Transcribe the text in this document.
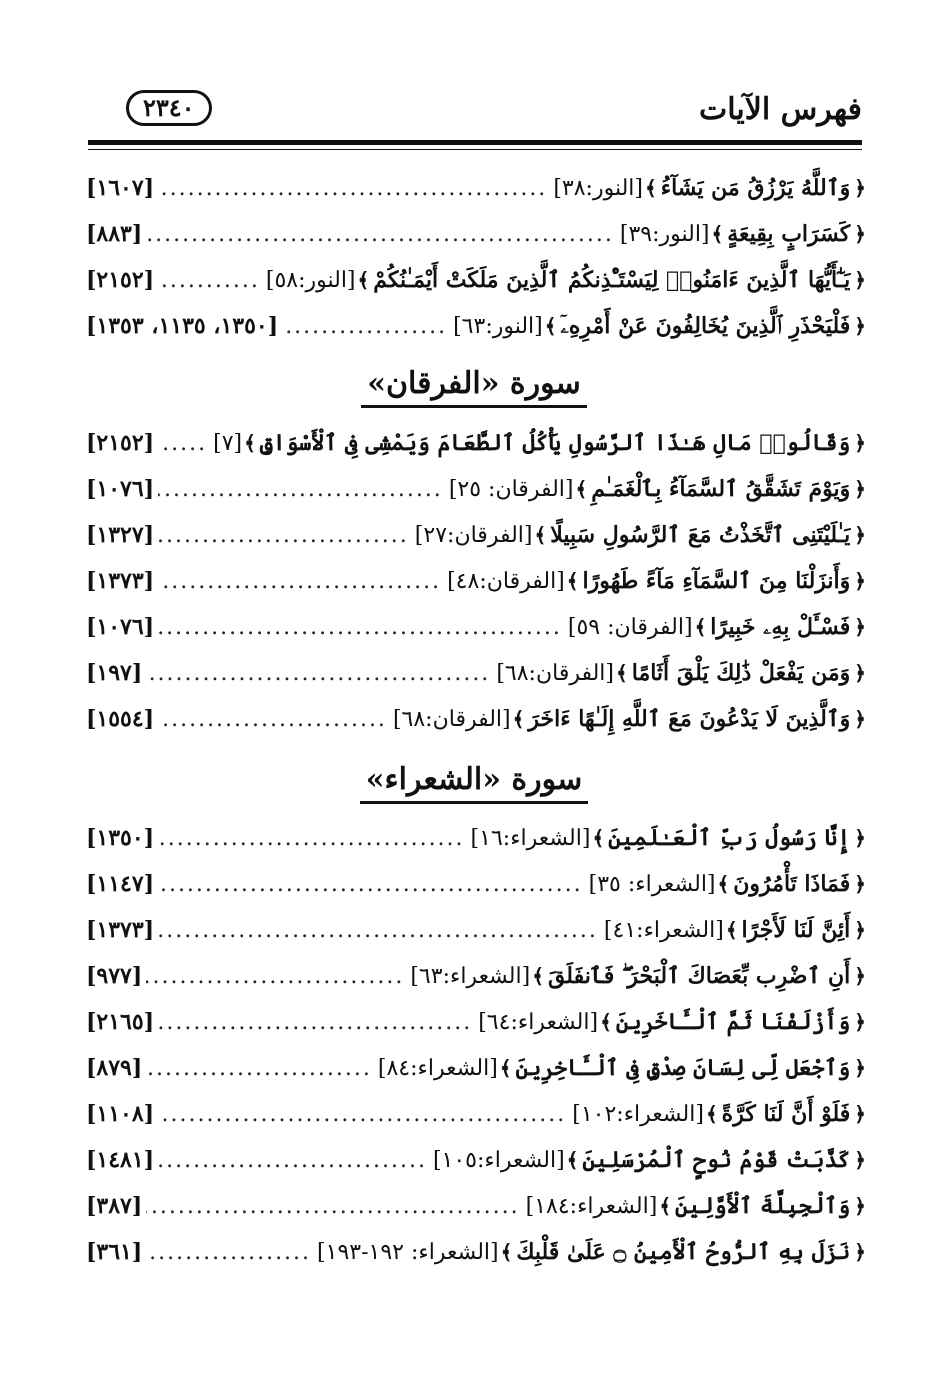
فهرس الآيات
٢٣٤٠
﴿
وَٱللَّهُ يَرْزُقُ مَن يَشَآءُ
﴾
[النور:٣٨]
.....
[١٦٠٧]
﴿
كَسَرَابٍ بِقِيعَةٍ
﴾
[النور:٣٩]
.....
[٨٨٣]
﴿
يَـٰٓأَيُّهَا ٱلَّذِينَ ءَامَنُوا۟ لِيَسْتَـْٔذِنكُمُ ٱلَّذِينَ مَلَكَتْ أَيْمَـٰنُكُمْ
﴾
[النور:٥٨]
.....
[٢١٥٢]
﴿
فَلْيَحْذَرِ ٱلَّذِينَ يُخَالِفُونَ عَنْ أَمْرِهِۦٓ
﴾
[النور:٦٣]
.....
[١٣٥٠، ١١٣٥، ١٣٥٣]
سورة «الفرقان»
﴿
وَقَالُوا۟ مَالِ هَـٰذَا ٱلرَّسُولِ يَأْكُلُ ٱلطَّعَامَ وَيَمْشِى فِى ٱلْأَسْوَاقِ
﴾
[٧]
.....
[٢١٥٢]
﴿
وَيَوْمَ تَشَقَّقُ ٱلسَّمَآءُ بِٱلْغَمَـٰمِ
﴾
[الفرقان: ٢٥]
.....
[١٠٧٦]
﴿
يَـٰلَيْتَنِى ٱتَّخَذْتُ مَعَ ٱلرَّسُولِ سَبِيلًا
﴾
[الفرقان:٢٧]
.....
[١٣٢٧]
﴿
وَأَنزَلْنَا مِنَ ٱلسَّمَآءِ مَآءً طَهُورًا
﴾
[الفرقان:٤٨]
.....
[١٣٧٣]
﴿
فَسْـَٔلْ بِهِۦ خَبِيرًا
﴾
[الفرقان: ٥٩]
.....
[١٠٧٦]
﴿
وَمَن يَفْعَلْ ذَٰلِكَ يَلْقَ أَثَامًا
﴾
[الفرقان:٦٨]
.....
[١٩٧]
﴿
وَٱلَّذِينَ لَا يَدْعُونَ مَعَ ٱللَّهِ إِلَـٰهًا ءَاخَرَ
﴾
[الفرقان:٦٨]
.....
[١٥٥٤]
سورة «الشعراء»
﴿
إِنَّا رَسُولُ رَبِّ ٱلْعَـٰلَمِينَ
﴾
[الشعراء:١٦]
.....
[١٣٥٠]
﴿
فَمَاذَا تَأْمُرُونَ
﴾
[الشعراء: ٣٥]
.....
[١١٤٧]
﴿
أَئِنَّ لَنَا لَأَجْرًا
﴾
[الشعراء:٤١]
.....
[١٣٧٣]
﴿
أَنِ ٱضْرِب بِّعَصَاكَ ٱلْبَحْرَ ۖ فَٱنفَلَقَ
﴾
[الشعراء:٦٣]
.....
[٩٧٧]
﴿
وَأَزْلَفْنَا ثَمَّ ٱلْـَٔاخَرِينَ
﴾
[الشعراء:٦٤]
.....
[٢١٦٥]
﴿
وَٱجْعَل لِّى لِسَانَ صِدْقٍ فِى ٱلْـَٔاخِرِينَ
﴾
[الشعراء:٨٤]
.....
[٨٧٩]
﴿
فَلَوْ أَنَّ لَنَا كَرَّةً
﴾
[الشعراء:١٠٢]
.....
[١١٠٨]
﴿
كَذَّبَتْ قَوْمُ نُوحٍ ٱلْمُرْسَلِينَ
﴾
[الشعراء:١٠٥]
.....
[١٤٨١]
﴿
وَٱلْجِبِلَّةَ ٱلْأَوَّلِينَ
﴾
[الشعراء:١٨٤]
.....
[٣٨٧]
﴿
نَزَلَ بِهِ ٱلرُّوحُ ٱلْأَمِينُ ۝ عَلَىٰ قَلْبِكَ
﴾
[الشعراء: ١٩٢-١٩٣]
.....
[٣٦١]
